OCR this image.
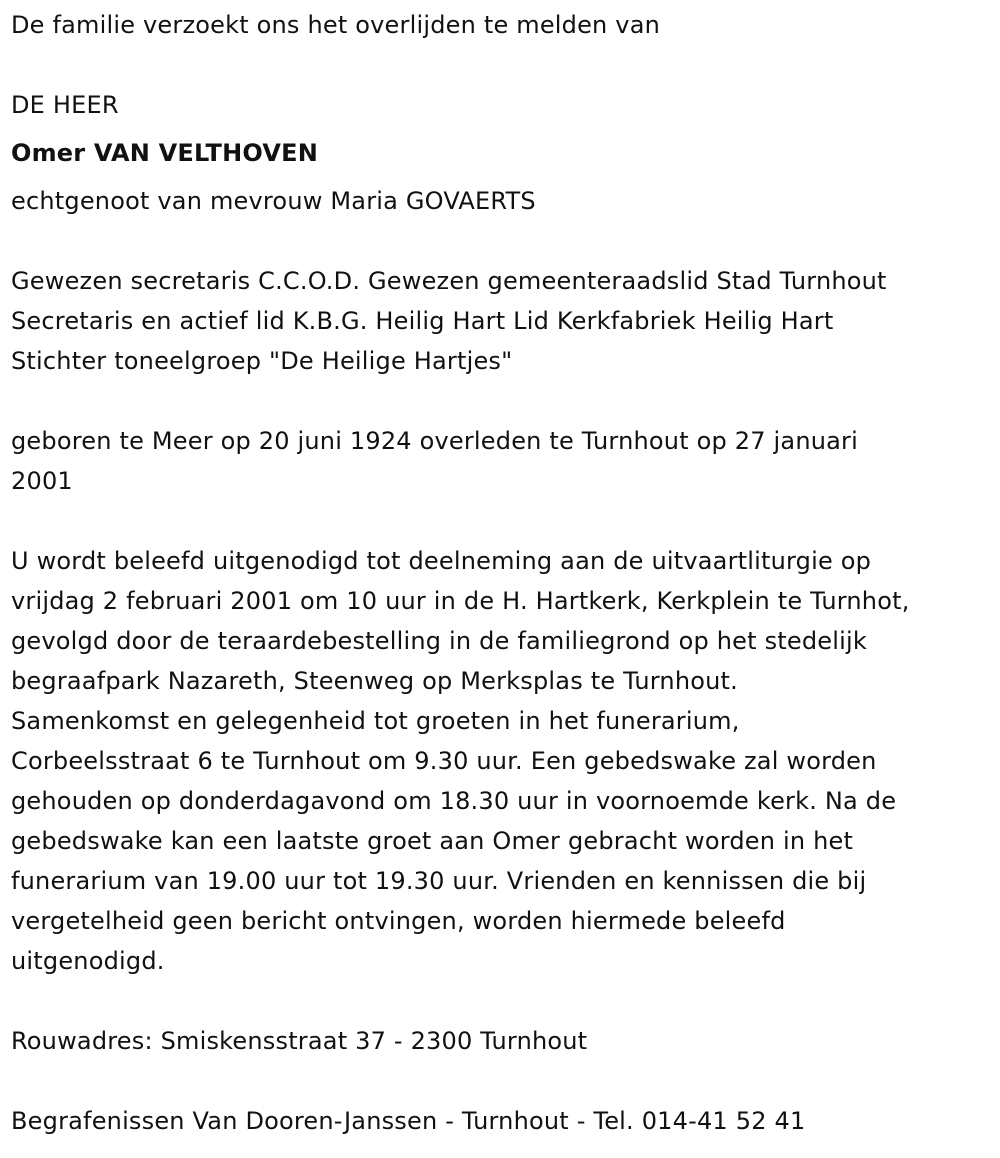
De familie verzoekt ons het overlijden te melden van
DE HEER
Omer VAN VELTHOVEN
echtgenoot van mevrouw Maria GOVAERTS
Gewezen secretaris C.C.O.D. Gewezen gemeenteraadslid Stad Turnhout
Secretaris en actief lid K.B.G. Heilig Hart Lid Kerkfabriek Heilig Hart
Stichter toneelgroep "De Heilige Hartjes"
geboren te Meer op 20 juni 1924 overleden te Turnhout op 27 januari
2001
U wordt beleefd uitgenodigd tot deelneming aan de uitvaartliturgie op
vrijdag 2 februari 2001 om 10 uur in de H. Hartkerk, Kerkplein te Turnhot,
gevolgd door de teraardebestelling in de familiegrond op het stedelijk
begraafpark Nazareth, Steenweg op Merksplas te Turnhout.
Samenkomst en gelegenheid tot groeten in het funerarium,
Corbeelsstraat 6 te Turnhout om 9.30 uur. Een gebedswake zal worden
gehouden op donderdagavond om 18.30 uur in voornoemde kerk. Na de
gebedswake kan een laatste groet aan Omer gebracht worden in het
funerarium van 19.00 uur tot 19.30 uur. Vrienden en kennissen die bij
vergetelheid geen bericht ontvingen, worden hiermede beleefd
uitgenodigd.
Rouwadres: Smiskensstraat 37 - 2300 Turnhout
Begrafenissen Van Dooren-Janssen - Turnhout - Tel. 014-41 52 41
